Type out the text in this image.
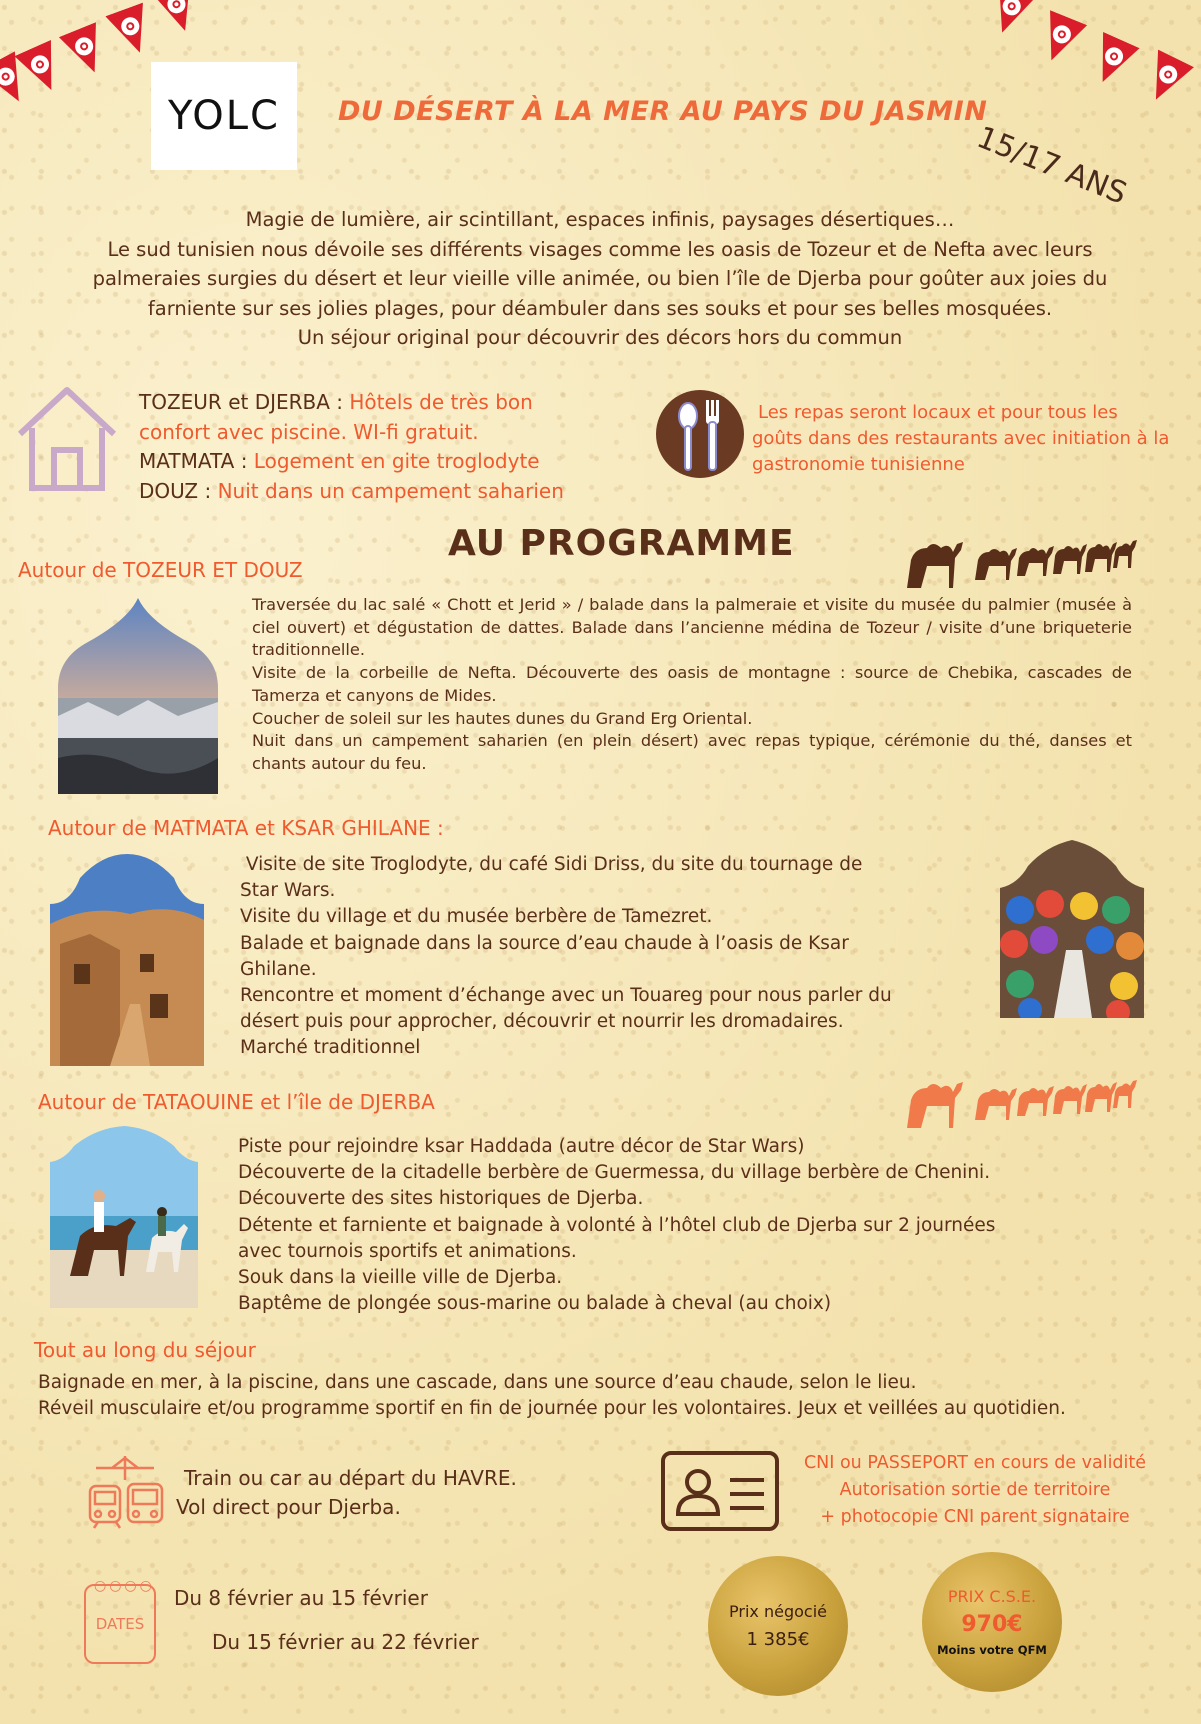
YOLC DU DÉSERT À LA MER AU PAYS DU JASMIN
15/17 ANS
Magie de lumière, air scintillant, espaces infinis, paysages désertiques…
Le sud tunisien nous dévoile ses différents visages comme les oasis de Tozeur et de Nefta avec leurs
palmeraies surgies du désert et leur vieille ville animée, ou bien l’île de Djerba pour goûter aux joies du
farniente sur ses jolies plages, pour déambuler dans ses souks et pour ses belles mosquées.
Un séjour original pour découvrir des décors hors du commun
TOZEUR et DJERBA : Hôtels de très bon
confort avec piscine. WI-fi gratuit.
MATMATA : Logement en gite troglodyte
DOUZ : Nuit dans un campement saharien
Les repas seront locaux et pour tous les goûts dans des restaurants avec initiation à la gastronomie tunisienne
AU PROGRAMME
Autour de TOZEUR ET DOUZ
Traversée du lac salé « Chott et Jerid » / balade dans la palmeraie et visite du musée du palmier (musée à ciel ouvert) et dégustation de dattes. Balade dans l’ancienne médina de Tozeur / visite d’une briqueterie traditionnelle.
Visite de la corbeille de Nefta. Découverte des oasis de montagne : source de Chebika, cascades de Tamerza et canyons de Mides.
Coucher de soleil sur les hautes dunes du Grand Erg Oriental.
Nuit dans un campement saharien (en plein désert) avec repas typique, cérémonie du thé, danses et chants autour du feu.
Autour de MATMATA et KSAR GHILANE :
Visite de site Troglodyte, du café Sidi Driss, du site du tournage de
Star Wars.
Visite du village et du musée berbère de Tamezret.
Balade et baignade dans la source d’eau chaude à l’oasis de Ksar
Ghilane.
Rencontre et moment d’échange avec un Touareg pour nous parler du
désert puis pour approcher, découvrir et nourrir les dromadaires.
Marché traditionnel
Autour de TATAOUINE et l’île de DJERBA
Piste pour rejoindre ksar Haddada (autre décor de Star Wars)
Découverte de la citadelle berbère de Guermessa, du village berbère de Chenini.
Découverte des sites historiques de Djerba.
Détente et farniente et baignade à volonté à l’hôtel club de Djerba sur 2 journées
avec tournois sportifs et animations.
Souk dans la vieille ville de Djerba.
Baptême de plongée sous-marine ou balade à cheval (au choix)
Tout au long du séjour
Baignade en mer, à la piscine, dans une cascade, dans une source d’eau chaude, selon le lieu.
Réveil musculaire et/ou programme sportif en fin de journée pour les volontaires. Jeux et veillées au quotidien.
Train ou car au départ du HAVRE.
Vol direct pour Djerba.
CNI ou PASSEPORT en cours de validité
Autorisation sortie de territoire
+ photocopie CNI parent signataire
DATES
○○○○ Du 8 février au 15 février
Du 15 février au 22 février
Prix négocié
1 385€
PRIX C.S.E.
970€
Moins votre QFM
